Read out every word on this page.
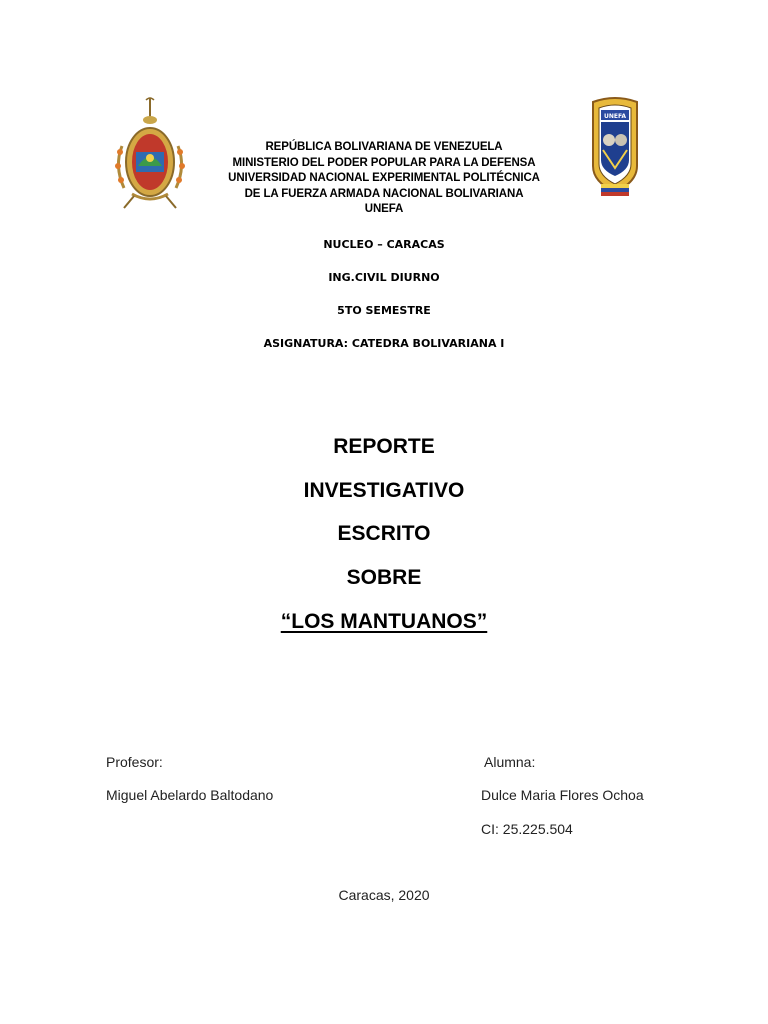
REPÚBLICA BOLIVARIANA DE VENEZUELA
MINISTERIO DEL PODER POPULAR PARA LA DEFENSA
UNIVERSIDAD NACIONAL EXPERIMENTAL POLITÉCNICA
DE LA FUERZA ARMADA NACIONAL BOLIVARIANA
UNEFA
UNEFA
NUCLEO – CARACAS
ING.CIVIL DIURNO
5TO SEMESTRE
ASIGNATURA: CATEDRA BOLIVARIANA I
REPORTE
INVESTIGATIVO
ESCRITO
SOBRE
“LOS MANTUANOS”
Profesor:
Miguel Abelardo Baltodano
Alumna:
Dulce Maria Flores Ochoa
CI: 25.225.504
Caracas, 2020
